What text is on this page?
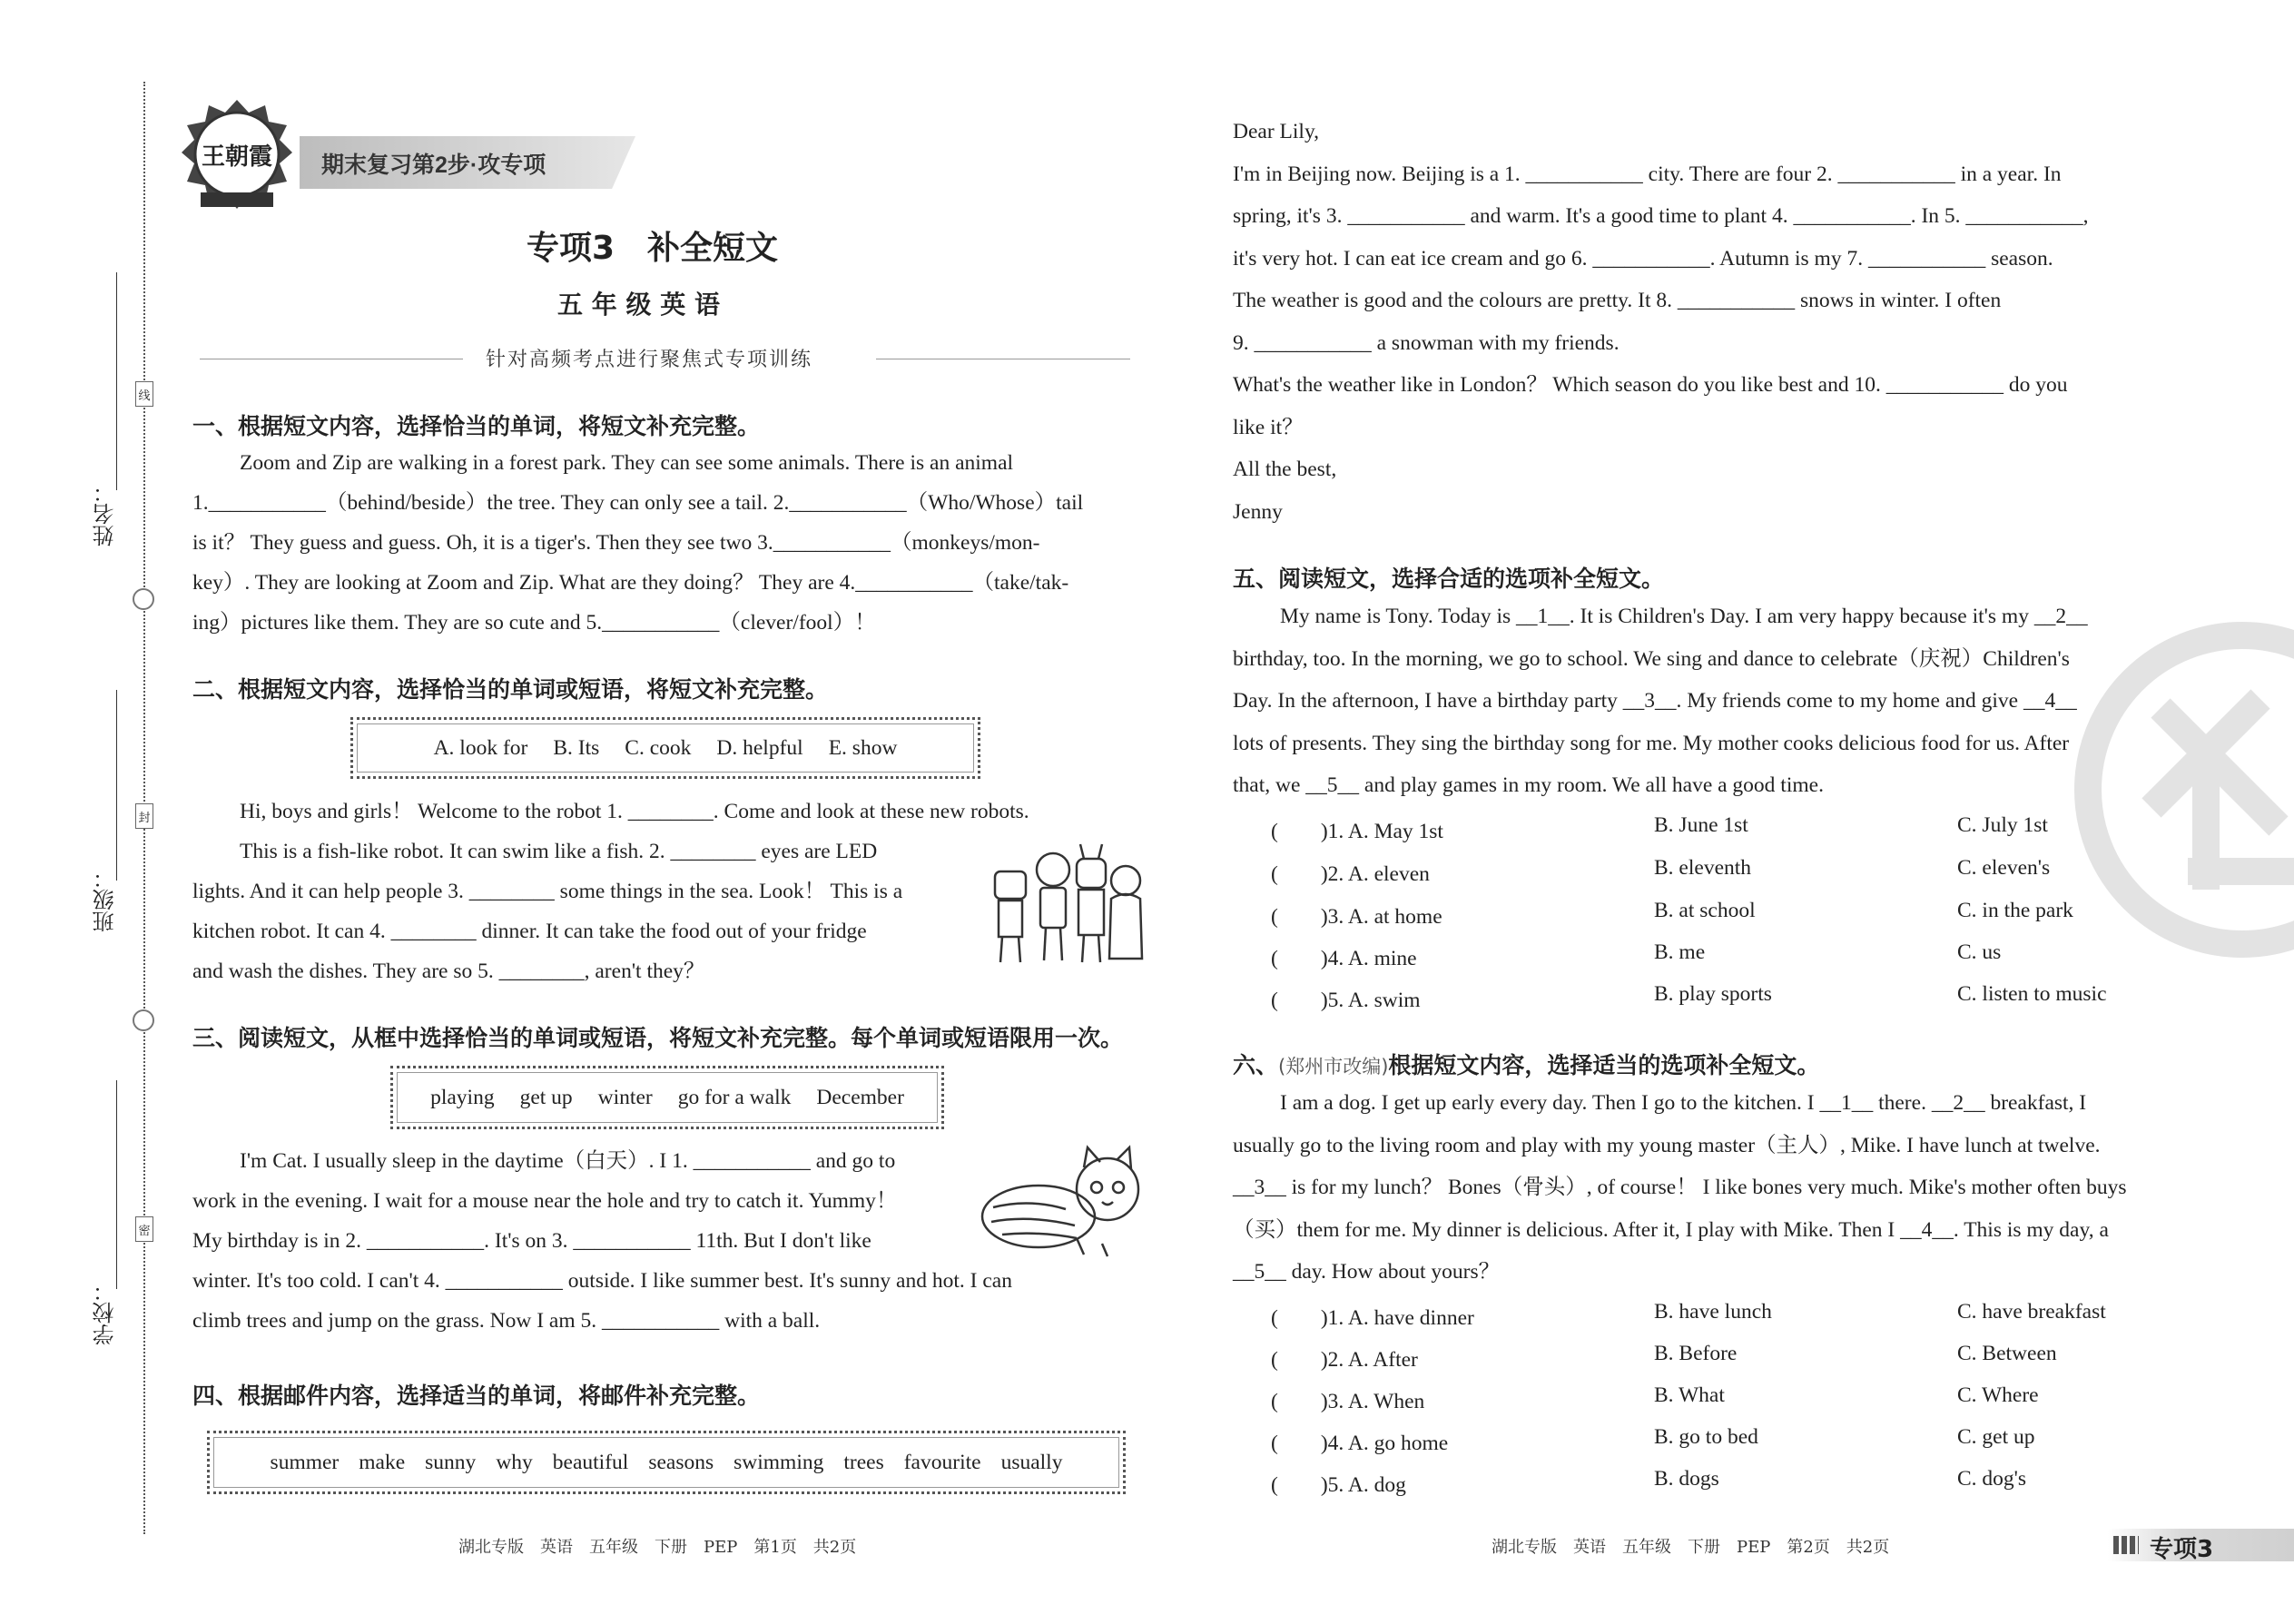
线
封
密
姓名：
班级：
学校：
王朝霞 期末复习第2步·攻专项
专项3　补全短文
五 年 级 英 语
针对高频考点进行聚焦式专项训练
一、根据短文内容，选择恰当的单词，将短文补充完整。

Zoom and Zip are walking in a forest park. They can see some animals. There is an animal

1.___________（behind/beside）the tree. They can only see a tail. 2.___________（Who/Whose）tail

is it？ They guess and guess. Oh, it is a tiger's. Then they see two 3.___________（monkeys/mon-

key）. They are looking at Zoom and Zip. What are they doing？ They are 4.___________（take/tak-

ing）pictures like them. They are so cute and 5.___________（clever/fool）！

二、根据短文内容，选择恰当的单词或短语，将短文补充完整。
A. look for B. Its C. cook D. helpful E. show

Hi, boys and girls！ Welcome to the robot 1. ________. Come and look at these new robots.

This is a fish-like robot. It can swim like a fish. 2. ________ eyes are LED

lights. And it can help people 3. ________ some things in the sea. Look！ This is a

kitchen robot. It can 4. ________ dinner. It can take the food out of your fridge

and wash the dishes. They are so 5. ________, aren't they？

三、阅读短文，从框中选择恰当的单词或短语，将短文补充完整。每个单词或短语限用一次。
playing get up winter go for a walk December

I'm Cat. I usually sleep in the daytime（白天）. I 1. ___________ and go to

work in the evening. I wait for a mouse near the hole and try to catch it. Yummy！

My birthday is in 2. ___________. It's on 3. ___________ 11th. But I don't like

winter. It's too cold. I can't 4. ___________ outside. I like summer best. It's sunny and hot. I can

climb trees and jump on the grass. Now I am 5. ___________ with a ball.

四、根据邮件内容，选择适当的单词，将邮件补充完整。
summer make sunny why beautiful seasons swimming trees favourite usually
湖北专版　英语　五年级　下册　PEP　第1页　共2页

Dear Lily,

I'm in Beijing now. Beijing is a 1. ___________ city. There are four 2. ___________ in a year. In

spring, it's 3. ___________ and warm. It's a good time to plant 4. ___________. In 5. ___________,

it's very hot. I can eat ice cream and go 6. ___________. Autumn is my 7. ___________ season.

The weather is good and the colours are pretty. It 8. ___________ snows in winter. I often

9. ___________ a snowman with my friends.

What's the weather like in London？ Which season do you like best and 10. ___________ do you

like it？

All the best,

Jenny

五、阅读短文，选择合适的选项补全短文。

My name is Tony. Today is __1__. It is Children's Day. I am very happy because it's my __2__

birthday, too. In the morning, we go to school. We sing and dance to celebrate（庆祝）Children's

Day. In the afternoon, I have a birthday party __3__. My friends come to my home and give __4__

lots of presents. They sing the birthday song for me. My mother cooks delicious food for us. After

that, we __5__ and play games in my room. We all have a good time.

(　　)1. A. May 1st	B. June 1st	C. July 1st
(　　)2. A. eleven	B. eleventh	C. eleven's
(　　)3. A. at home	B. at school	C. in the park
(　　)4. A. mine	B. me	C. us
(　　)5. A. swim	B. play sports	C. listen to music
六、(郑州市改编)根据短文内容，选择适当的选项补全短文。

I am a dog. I get up early every day. Then I go to the kitchen. I __1__ there. __2__ breakfast, I

usually go to the living room and play with my young master（主人）, Mike. I have lunch at twelve.

__3__ is for my lunch？ Bones（骨头）, of course！ I like bones very much. Mike's mother often buys

（买）them for me. My dinner is delicious. After it, I play with Mike. Then I __4__. This is my day, a

__5__ day. How about yours？

(　　)1. A. have dinner	B. have lunch	C. have breakfast
(　　)2. A. After	B. Before	C. Between
(　　)3. A. When	B. What	C. Where
(　　)4. A. go home	B. go to bed	C. get up
(　　)5. A. dog	B. dogs	C. dog's
湖北专版　英语　五年级　下册　PEP　第2页　共2页	专项3
